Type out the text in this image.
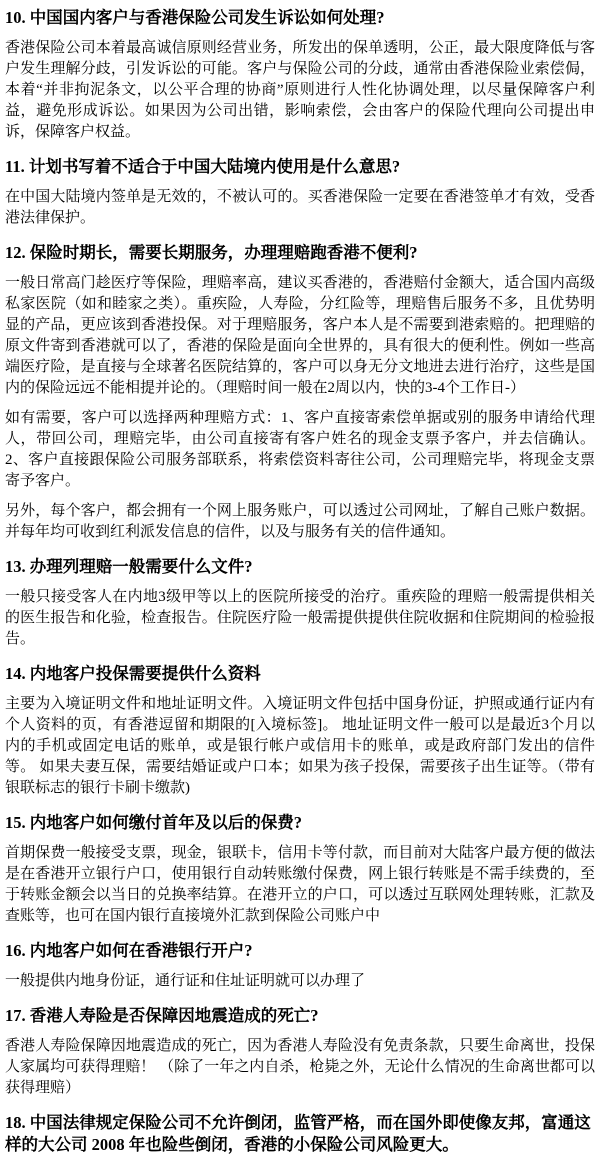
10. 中国国内客户与香港保险公司发生诉讼如何处理?

香港保险公司本着最高诚信原则经营业务，所发出的保单透明，公正，最大限度降低与客户发生理解分歧，引发诉讼的可能。客户与保险公司的分歧，通常由香港保险业索偿侷，本着“并非拘泥条文，以公平合理的协商”原则进行人性化协调处理，以尽量保障客户利益，避免形成诉讼。如果因为公司出错，影响索偿，会由客户的保险代理向公司提出申诉，保障客户权益。

11. 计划书写着不适合于中国大陆境内使用是什么意思?

在中国大陆境内签单是无效的，不被认可的。买香港保险一定要在香港签单才有效，受香港法律保护。

12. 保险时期长，需要长期服务，办理理赔跑香港不便利?

一般日常高门趁医疗等保险，理赔率高，建议买香港的，香港赔付金额大，适合国内高级私家医院（如和睦家之类）。重疾险，人寿险，分红险等，理赔售后服务不多，且优势明显的产品，更应该到香港投保。对于理赔服务，客户本人是不需要到港索赔的。把理赔的原文件寄到香港就可以了，香港的保险是面向全世界的，具有很大的便利性。例如一些高端医疗险，是直接与全球著名医院结算的，客户可以身无分文地进去进行治疗，这些是国内的保险远远不能相提并论的。（理赔时间一般在2周以内，快的3-4个工作日-）

如有需要，客户可以选择两种理赔方式：1、客户直接寄索偿单据或别的服务申请给代理人，带回公司，理赔完毕，由公司直接寄有客户姓名的现金支票予客户，并去信确认。2、客户直接跟保险公司服务部联系，将索偿资料寄往公司，公司理赔完毕，将现金支票寄予客户。

另外，每个客户，都会拥有一个网上服务账户，可以透过公司网址，了解自己账户数据。并每年均可收到红利派发信息的信件，以及与服务有关的信件通知。

13. 办理列理赔一般需要什么文件?

一般只接受客人在内地3级甲等以上的医院所接受的治疗。重疾险的理赔一般需提供相关的医生报告和化验，检查报告。住院医疗险一般需提供提供住院收据和住院期间的检验报告。

14. 内地客户投保需要提供什么资料

主要为入境证明文件和地址证明文件。入境证明文件包括中国身份证，护照或通行证内有个人资料的页，有香港逗留和期限的[入境标签]。 地址证明文件一般可以是最近3个月以内的手机或固定电话的账单，或是银行帐户或信用卡的账单，或是政府部门发出的信件等。 如果夫妻互保，需要结婚证或户口本；如果为孩子投保，需要孩子出生证等。（带有银联标志的银行卡刷卡缴款)

15. 内地客户如何缴付首年及以后的保费?

首期保费一般接受支票，现金，银联卡，信用卡等付款，而目前对大陆客户最方便的做法是在香港开立银行户口，使用银行自动转账缴付保费，网上银行转账是不需手续费的，至于转账金额会以当日的兑换率结算。在港开立的户口，可以透过互联网处理转账，汇款及查账等，也可在国内银行直接境外汇款到保险公司账户中

16. 内地客户如何在香港银行开户?

一般提供内地身份证，通行证和住址证明就可以办理了

17. 香港人寿险是否保障因地震造成的死亡?

香港人寿险保障因地震造成的死亡，因为香港人寿险没有免责条款，只要生命离世，投保人家属均可获得理赔！ （除了一年之内自杀，枪毙之外，无论什么情况的生命离世都可以获得理赔）

18. 中国法律规定保险公司不允许倒闭，监管严格，而在国外即使像友邦，富通这样的大公司 2008 年也险些倒闭，香港的小保险公司风险更大。
